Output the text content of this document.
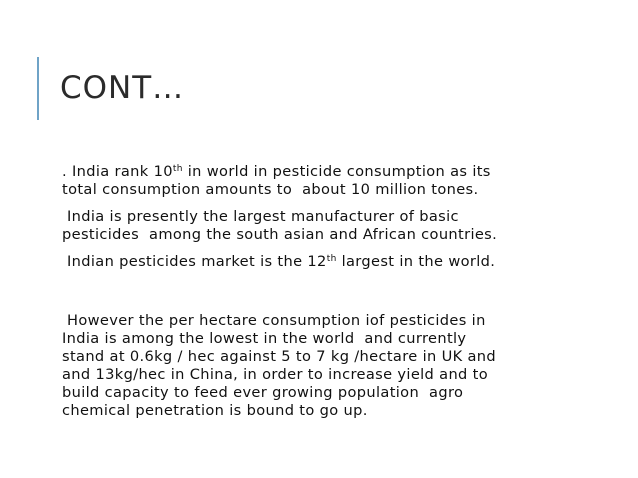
CONT…

. India rank 10th in world in pesticide consumption as its
total consumption amounts to  about 10 million tones.

India is presently the largest manufacturer of basic
pesticides  among the south asian and African countries.

Indian pesticides market is the 12th largest in the world.

However the per hectare consumption iof pesticides in
India is among the lowest in the world  and currently
stand at 0.6kg / hec against 5 to 7 kg /hectare in UK and
and 13kg/hec in China, in order to increase yield and to
build capacity to feed ever growing population  agro
chemical penetration is bound to go up.
